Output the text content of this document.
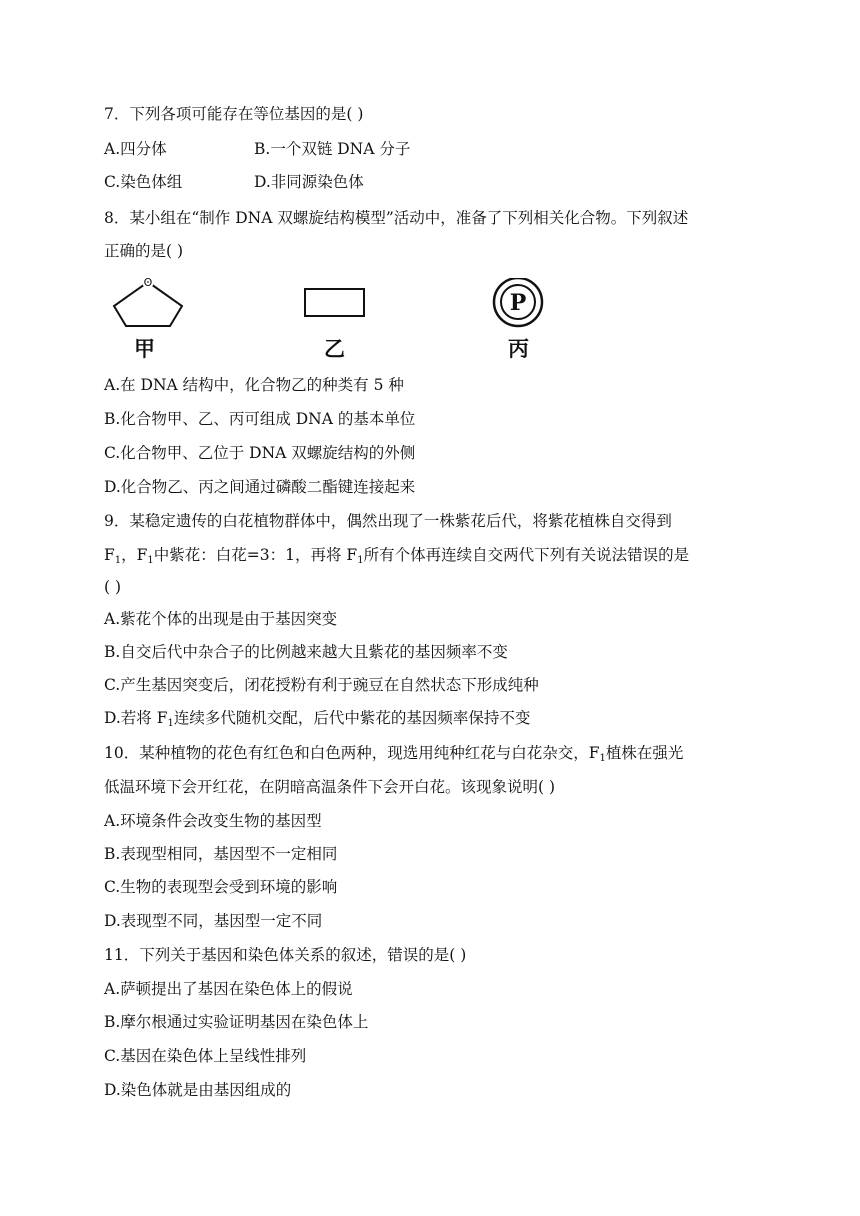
7．下列各项可能存在等位基因的是( )
A.四分体	B.一个双链 DNA 分子
C.染色体组	D.非同源染色体
8．某小组在“制作 DNA 双螺旋结构模型”活动中，准备了下列相关化合物。下列叙述
正确的是( )
O
P
甲	乙	丙
A.在 DNA 结构中，化合物乙的种类有 5 种
B.化合物甲、乙、丙可组成 DNA 的基本单位
C.化合物甲、乙位于 DNA 双螺旋结构的外侧
D.化合物乙、丙之间通过磷酸二酯键连接起来
9．某稳定遗传的白花植物群体中，偶然出现了一株紫花后代，将紫花植株自交得到
$F_1$，$F_1$中紫花：白花=3：1，再将 $F_1$所有个体再连续自交两代下列有关说法错误的是
( )
A.紫花个体的出现是由于基因突变
B.自交后代中杂合子的比例越来越大且紫花的基因频率不变
C.产生基因突变后，闭花授粉有利于豌豆在自然状态下形成纯种
D.若将 $F_1$连续多代随机交配，后代中紫花的基因频率保持不变
10．某种植物的花色有红色和白色两种，现选用纯种红花与白花杂交，$F_1$植株在强光
低温环境下会开红花，在阴暗高温条件下会开白花。该现象说明( )
A.环境条件会改变生物的基因型
B.表现型相同，基因型不一定相同
C.生物的表现型会受到环境的影响
D.表现型不同，基因型一定不同
11．下列关于基因和染色体关系的叙述，错误的是( )
A.萨顿提出了基因在染色体上的假说
B.摩尔根通过实验证明基因在染色体上
C.基因在染色体上呈线性排列
D.染色体就是由基因组成的
